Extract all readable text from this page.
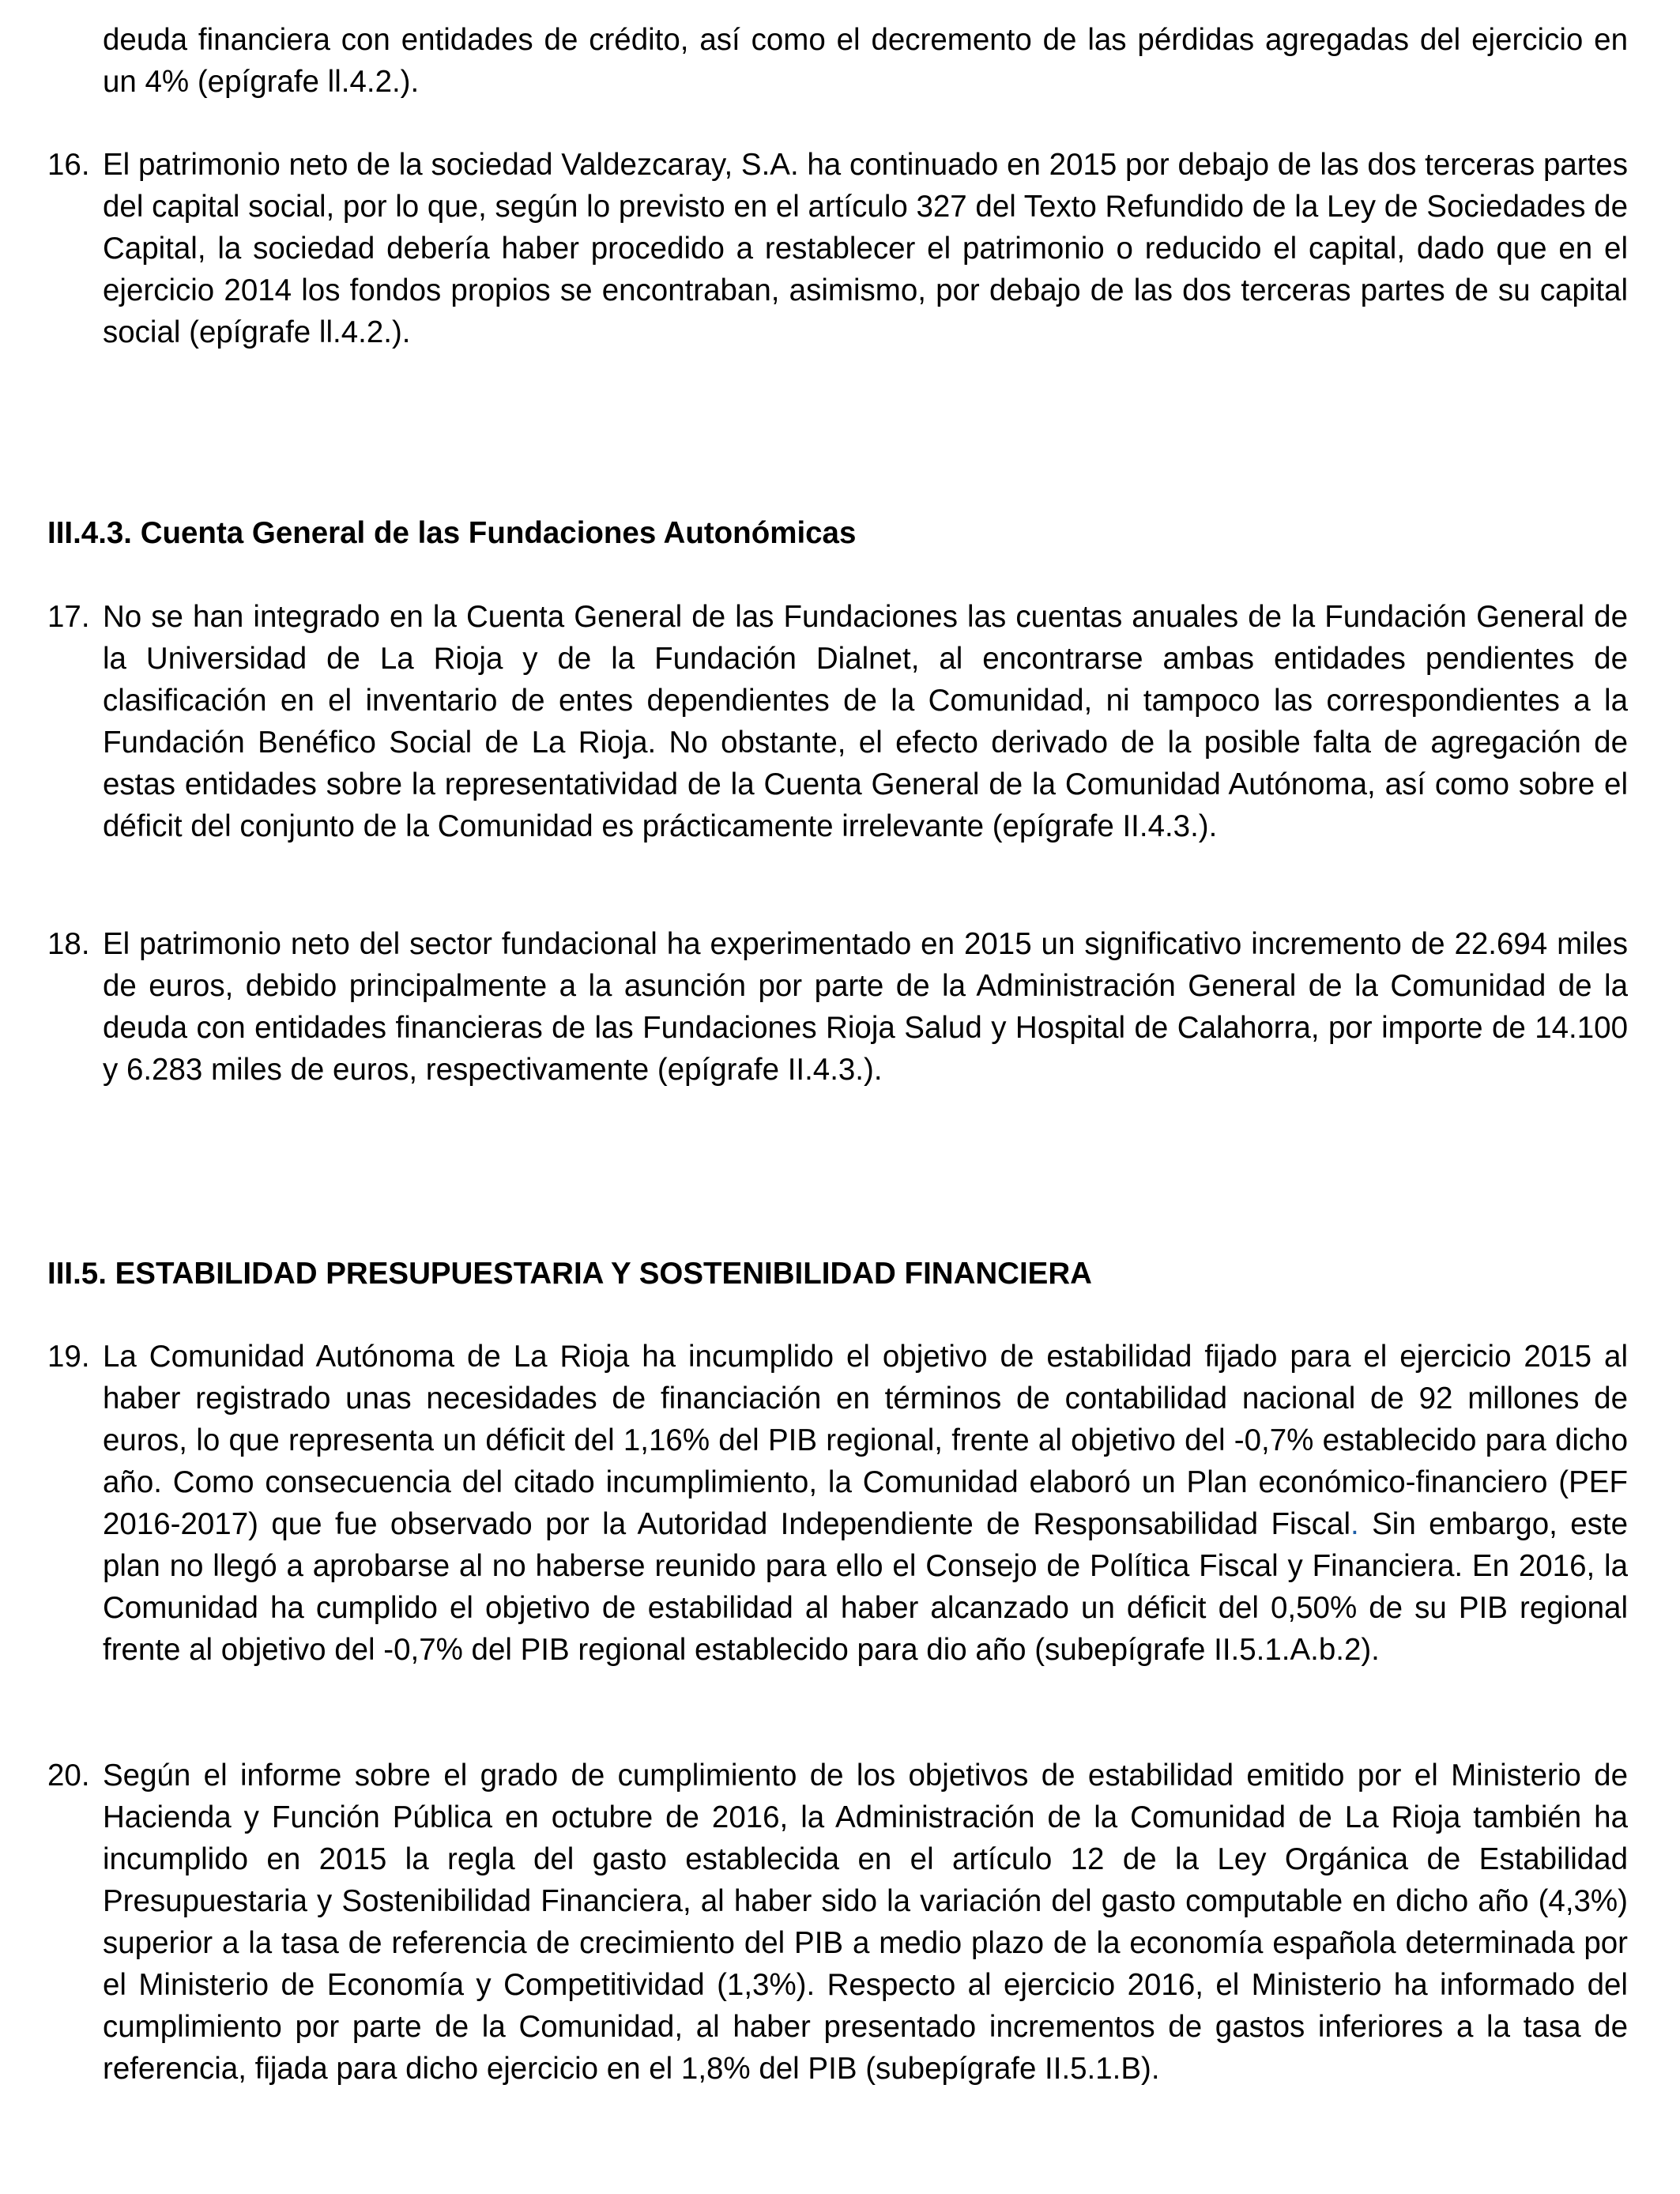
deuda financiera con entidades de crédito, así como el decremento de las pérdidas agregadas del ejercicio en un 4% (epígrafe ll.4.2.).

16. El patrimonio neto de la sociedad Valdezcaray, S.A. ha continuado en 2015 por debajo de las dos terceras partes del capital social, por lo que, según lo previsto en el artículo 327 del Texto Refundido de la Ley de Sociedades de Capital, la sociedad debería haber procedido a restablecer el patrimonio o reducido el capital, dado que en el ejercicio 2014 los fondos propios se encontraban, asimismo, por debajo de las dos terceras partes de su capital social (epígrafe ll.4.2.).
III.4.3. Cuenta General de las Fundaciones Autonómicas
17. No se han integrado en la Cuenta General de las Fundaciones las cuentas anuales de la Fundación General de la Universidad de La Rioja y de la Fundación Dialnet, al encontrarse ambas entidades pendientes de clasificación en el inventario de entes dependientes de la Comunidad, ni tampoco las correspondientes a la Fundación Benéfico Social de La Rioja. No obstante, el efecto derivado de la posible falta de agregación de estas entidades sobre la representatividad de la Cuenta General de la Comunidad Autónoma, así como sobre el déficit del conjunto de la Comunidad es prácticamente irrelevante (epígrafe II.4.3.).
18. El patrimonio neto del sector fundacional ha experimentado en 2015 un significativo incremento de 22.694 miles de euros, debido principalmente a la asunción por parte de la Administración General de la Comunidad de la deuda con entidades financieras de las Fundaciones Rioja Salud y Hospital de Calahorra, por importe de 14.100 y 6.283 miles de euros, respectivamente (epígrafe II.4.3.).
III.5. ESTABILIDAD PRESUPUESTARIA Y SOSTENIBILIDAD FINANCIERA
19. La Comunidad Autónoma de La Rioja ha incumplido el objetivo de estabilidad fijado para el ejercicio 2015 al haber registrado unas necesidades de financiación en términos de contabilidad nacional de 92 millones de euros, lo que representa un déficit del 1,16% del PIB regional, frente al objetivo del -0,7% establecido para dicho año. Como consecuencia del citado incumplimiento, la Comunidad elaboró un Plan económico-financiero (PEF 2016-2017) que fue observado por la Autoridad Independiente de Responsabilidad Fiscal. Sin embargo, este plan no llegó a aprobarse al no haberse reunido para ello el Consejo de Política Fiscal y Financiera. En 2016, la Comunidad ha cumplido el objetivo de estabilidad al haber alcanzado un déficit del 0,50% de su PIB regional frente al objetivo del -0,7% del PIB regional establecido para dio año (subepígrafe II.5.1.A.b.2).
20. Según el informe sobre el grado de cumplimiento de los objetivos de estabilidad emitido por el Ministerio de Hacienda y Función Pública en octubre de 2016, la Administración de la Comunidad de La Rioja también ha incumplido en 2015 la regla del gasto establecida en el artículo 12 de la Ley Orgánica de Estabilidad Presupuestaria y Sostenibilidad Financiera, al haber sido la variación del gasto computable en dicho año (4,3%) superior a la tasa de referencia de crecimiento del PIB a medio plazo de la economía española determinada por el Ministerio de Economía y Competitividad (1,3%). Respecto al ejercicio 2016, el Ministerio ha informado del cumplimiento por parte de la Comunidad, al haber presentado incrementos de gastos inferiores a la tasa de referencia, fijada para dicho ejercicio en el 1,8% del PIB (subepígrafe II.5.1.B).
